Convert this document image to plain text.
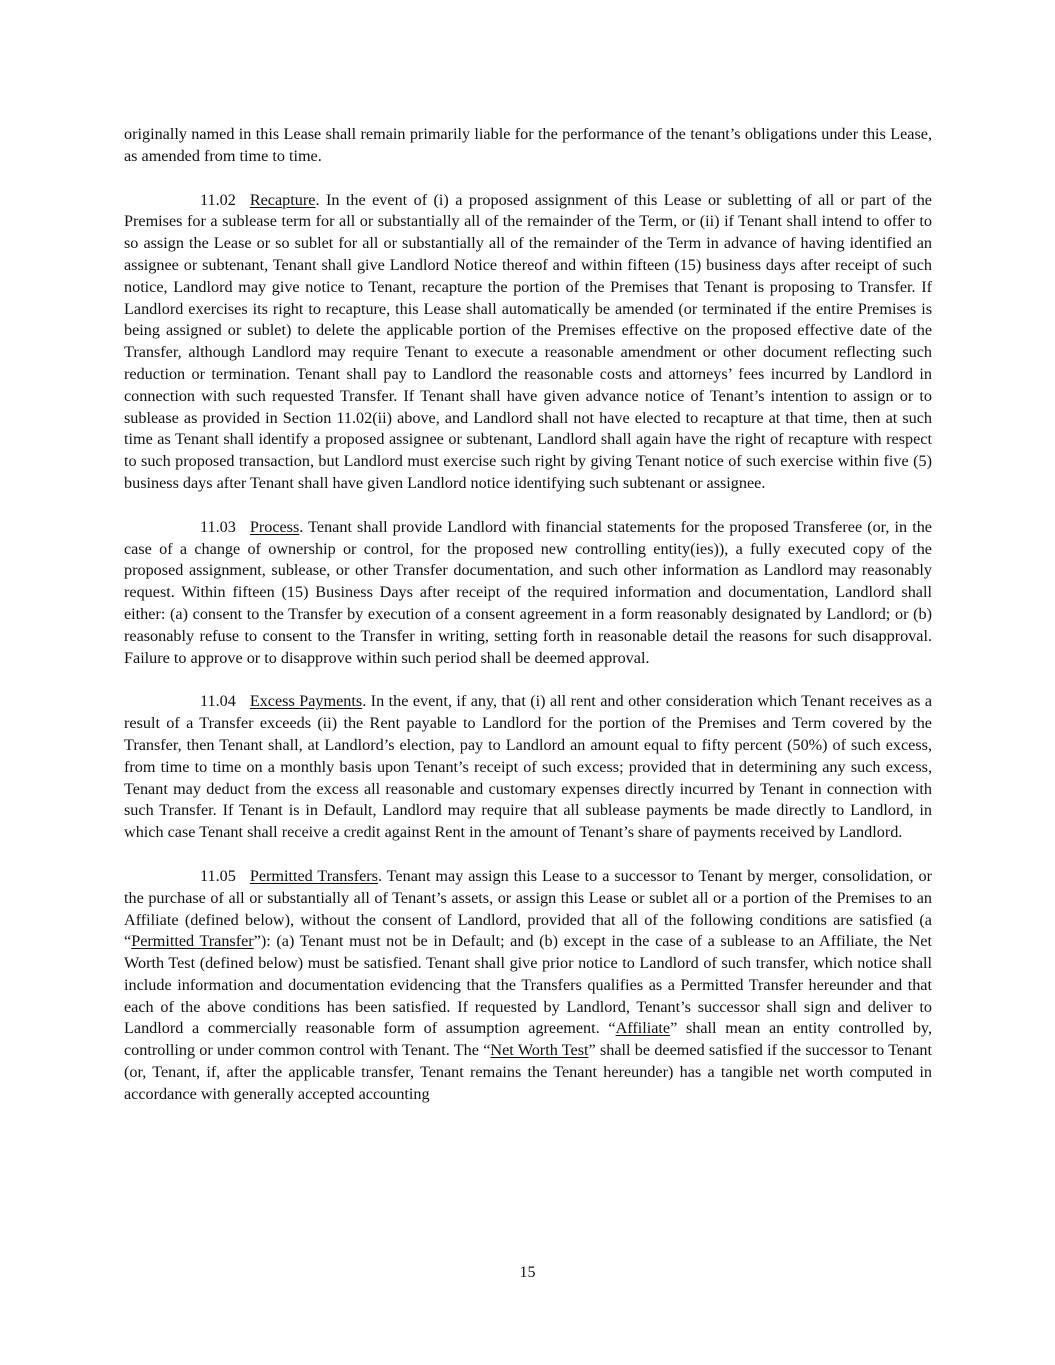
originally named in this Lease shall remain primarily liable for the performance of the tenant’s obligations under this Lease, as amended from time to time.

11.02 Recapture. In the event of (i) a proposed assignment of this Lease or subletting of all or part of the Premises for a sublease term for all or substantially all of the remainder of the Term, or (ii) if Tenant shall intend to offer to so assign the Lease or so sublet for all or substantially all of the remainder of the Term in advance of having identified an assignee or subtenant, Tenant shall give Landlord Notice thereof and within fifteen (15) business days after receipt of such notice, Landlord may give notice to Tenant, recapture the portion of the Premises that Tenant is proposing to Transfer. If Landlord exercises its right to recapture, this Lease shall automatically be amended (or terminated if the entire Premises is being assigned or sublet) to delete the applicable portion of the Premises effective on the proposed effective date of the Transfer, although Landlord may require Tenant to execute a reasonable amendment or other document reflecting such reduction or termination. Tenant shall pay to Landlord the reasonable costs and attorneys’ fees incurred by Landlord in connection with such requested Transfer. If Tenant shall have given advance notice of Tenant’s intention to assign or to sublease as provided in Section 11.02(ii) above, and Landlord shall not have elected to recapture at that time, then at such time as Tenant shall identify a proposed assignee or subtenant, Landlord shall again have the right of recapture with respect to such proposed transaction, but Landlord must exercise such right by giving Tenant notice of such exercise within five (5) business days after Tenant shall have given Landlord notice identifying such subtenant or assignee.

11.03 Process. Tenant shall provide Landlord with financial statements for the proposed Transferee (or, in the case of a change of ownership or control, for the proposed new controlling entity(ies)), a fully executed copy of the proposed assignment, sublease, or other Transfer documentation, and such other information as Landlord may reasonably request. Within fifteen (15) Business Days after receipt of the required information and documentation, Landlord shall either: (a) consent to the Transfer by execution of a consent agreement in a form reasonably designated by Landlord; or (b) reasonably refuse to consent to the Transfer in writing, setting forth in reasonable detail the reasons for such disapproval. Failure to approve or to disapprove within such period shall be deemed approval.

11.04 Excess Payments. In the event, if any, that (i) all rent and other consideration which Tenant receives as a result of a Transfer exceeds (ii) the Rent payable to Landlord for the portion of the Premises and Term covered by the Transfer, then Tenant shall, at Landlord’s election, pay to Landlord an amount equal to fifty percent (50%) of such excess, from time to time on a monthly basis upon Tenant’s receipt of such excess; provided that in determining any such excess, Tenant may deduct from the excess all reasonable and customary expenses directly incurred by Tenant in connection with such Transfer. If Tenant is in Default, Landlord may require that all sublease payments be made directly to Landlord, in which case Tenant shall receive a credit against Rent in the amount of Tenant’s share of payments received by Landlord.

11.05 Permitted Transfers. Tenant may assign this Lease to a successor to Tenant by merger, consolidation, or the purchase of all or substantially all of Tenant’s assets, or assign this Lease or sublet all or a portion of the Premises to an Affiliate (defined below), without the consent of Landlord, provided that all of the following conditions are satisfied (a “Permitted Transfer”): (a) Tenant must not be in Default; and (b) except in the case of a sublease to an Affiliate, the Net Worth Test (defined below) must be satisfied. Tenant shall give prior notice to Landlord of such transfer, which notice shall include information and documentation evidencing that the Transfers qualifies as a Permitted Transfer hereunder and that each of the above conditions has been satisfied. If requested by Landlord, Tenant’s successor shall sign and deliver to Landlord a commercially reasonable form of assumption agreement. “Affiliate” shall mean an entity controlled by, controlling or under common control with Tenant. The “Net Worth Test” shall be deemed satisfied if the successor to Tenant (or, Tenant, if, after the applicable transfer, Tenant remains the Tenant hereunder) has a tangible net worth computed in accordance with generally accepted accounting

15
